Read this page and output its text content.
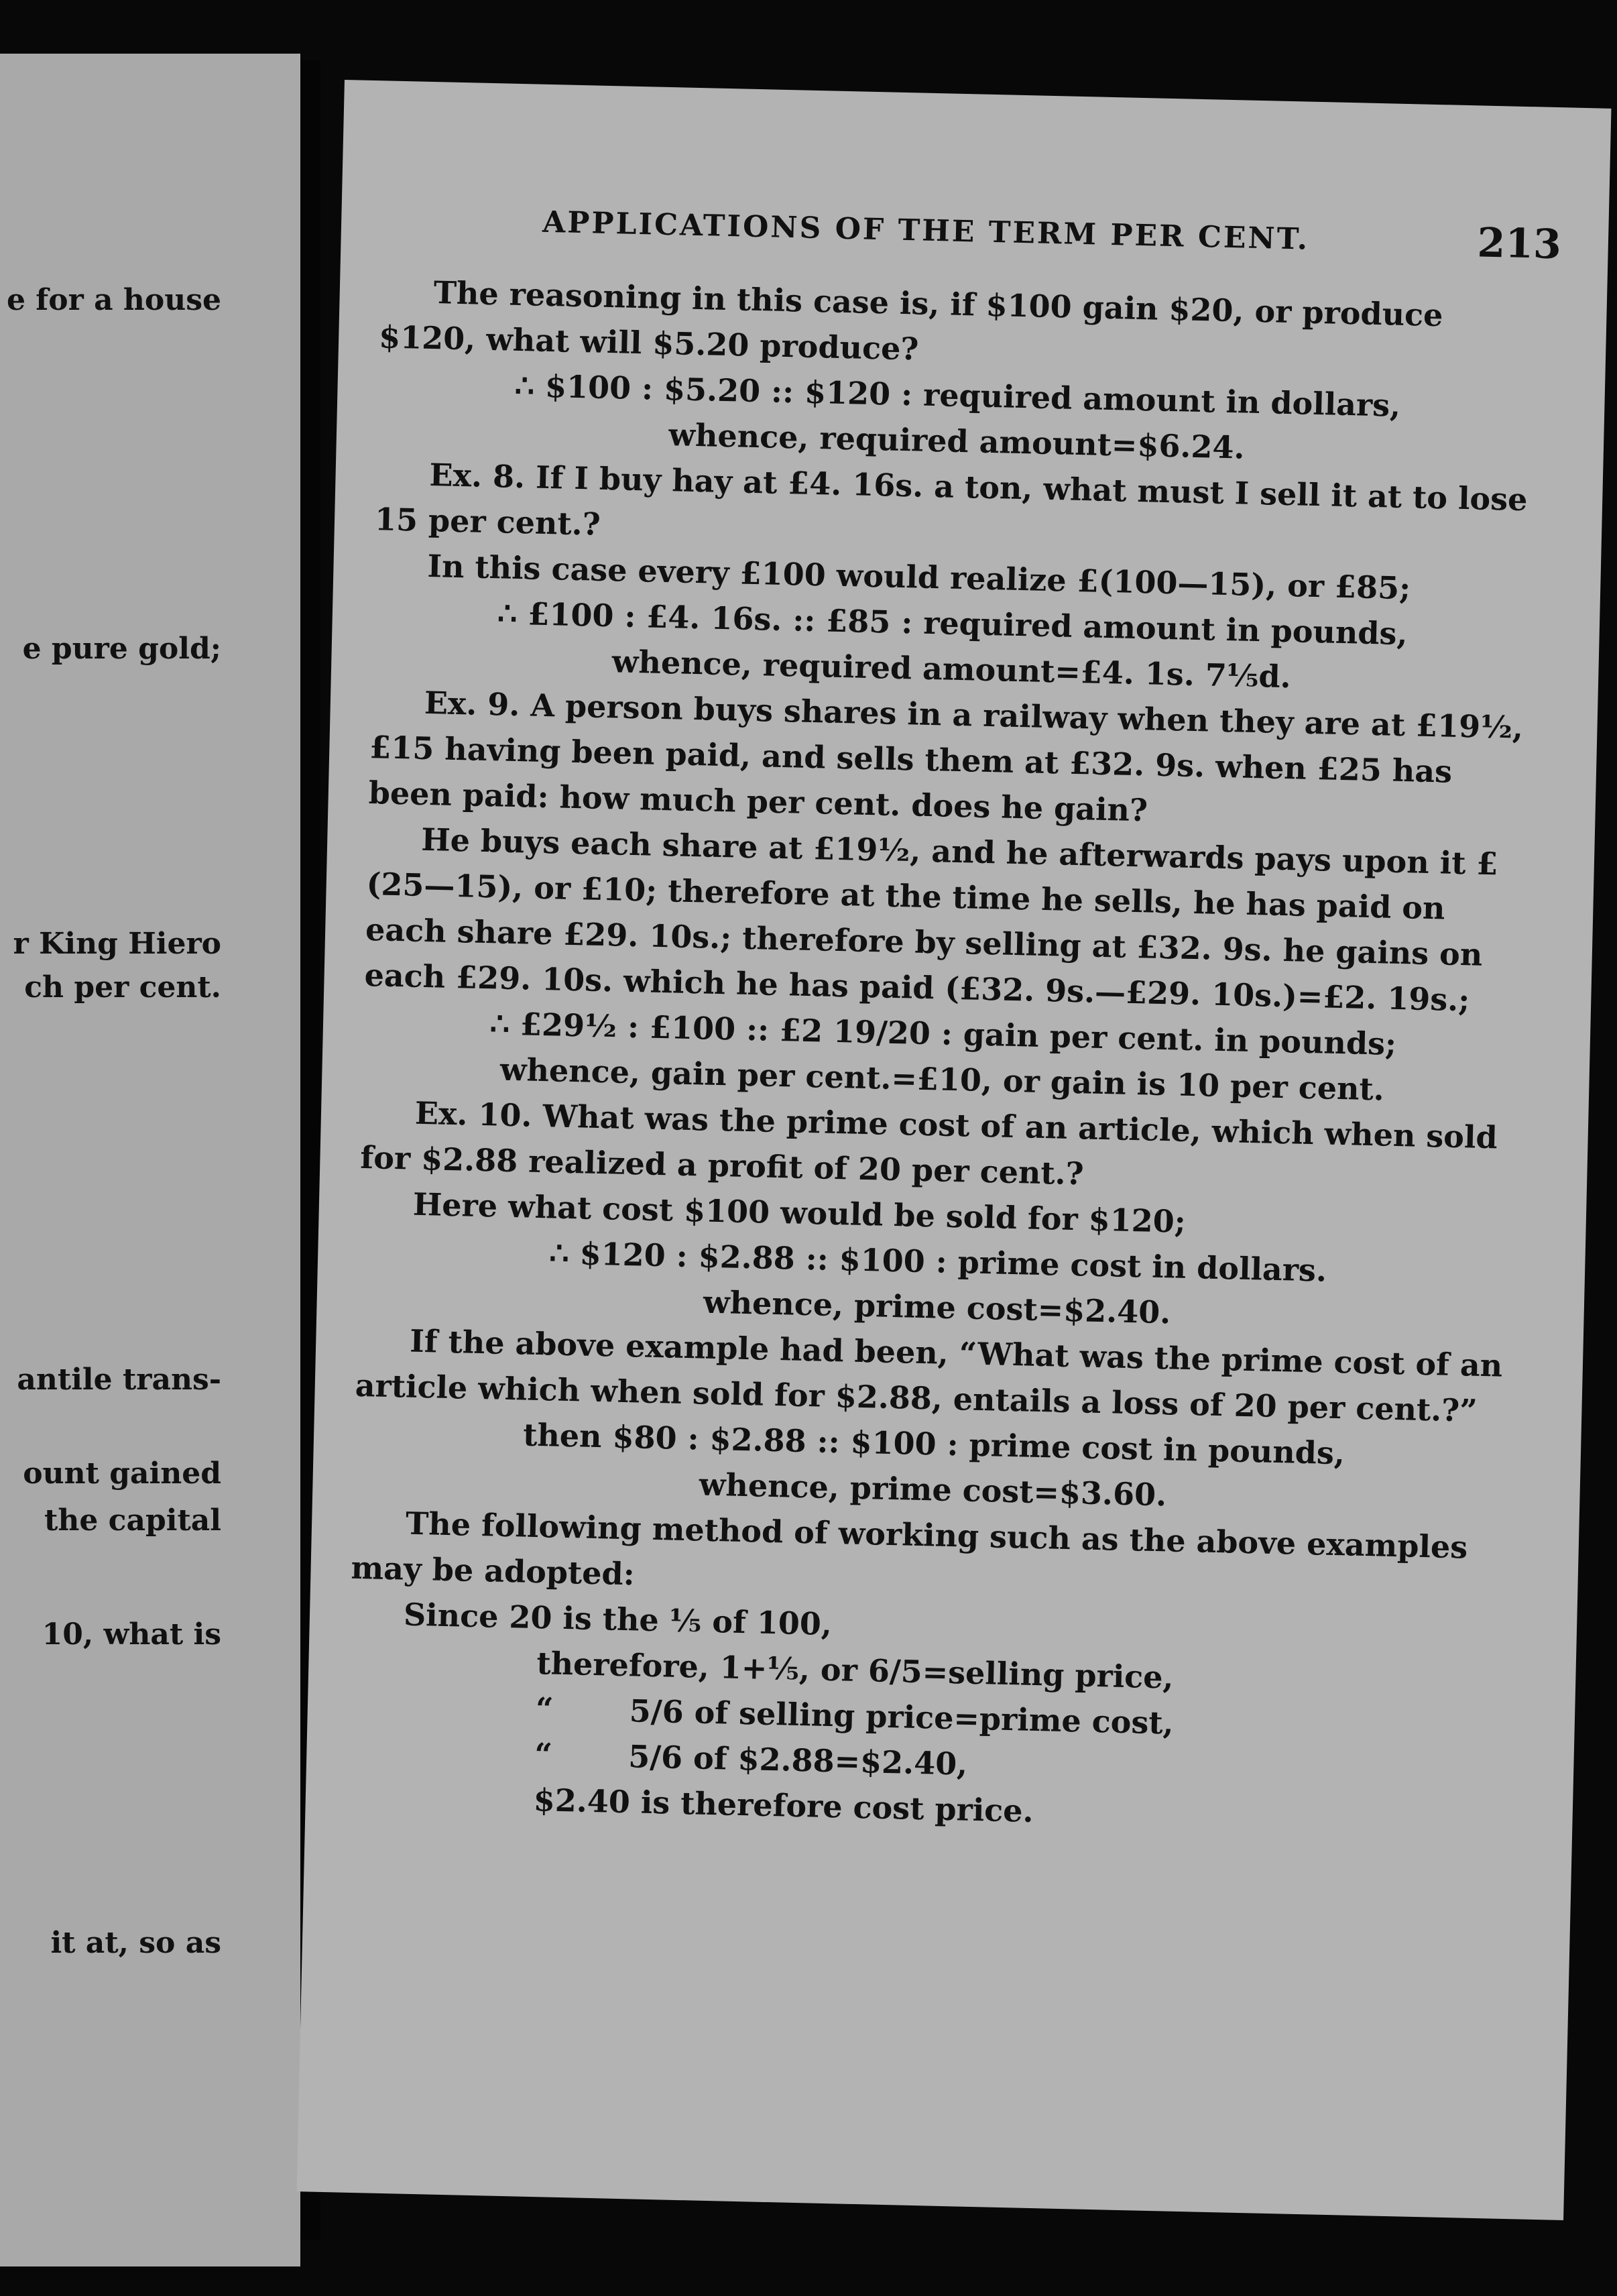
e for a house
e pure gold;
r King Hiero
ch per cent.
antile trans-
ount gained
the capital
10, what is
it at, so as
APPLICATIONS OF THE TERM PER CENT.	213

The reasoning in this case is, if $100 gain $20, or produce $120, what will $5.20 produce?

∴ $100 : $5.20 :: $120 : required amount in dollars,

whence, required amount=$6.24.

Ex. 8. If I buy hay at £4. 16s. a ton, what must I sell it at to lose 15 per cent.?

In this case every £100 would realize £(100—15), or £85;

∴ £100 : £4. 16s. :: £85 : required amount in pounds,

whence, required amount=£4. 1s. 7⅕d.

Ex. 9. A person buys shares in a railway when they are at £19½, £15 having been paid, and sells them at £32. 9s. when £25 has been paid: how much per cent. does he gain?

He buys each share at £19½, and he afterwards pays upon it £(25—15), or £10; therefore at the time he sells, he has paid on each share £29. 10s.; therefore by selling at £32. 9s. he gains on each £29. 10s. which he has paid (£32. 9s.—£29. 10s.)=£2. 19s.;

∴ £29½ : £100 :: £2 19/20 : gain per cent. in pounds;

whence, gain per cent.=£10, or gain is 10 per cent.

Ex. 10. What was the prime cost of an article, which when sold for $2.88 realized a profit of 20 per cent.?

Here what cost $100 would be sold for $120;

∴ $120 : $2.88 :: $100 : prime cost in dollars.

whence, prime cost=$2.40.

If the above example had been, “What was the prime cost of an article which when sold for $2.88, entails a loss of 20 per cent.?”

then $80 : $2.88 :: $100 : prime cost in pounds,

whence, prime cost=$3.60.

The following method of working such as the above examples may be adopted:

Since 20 is the ⅕ of 100,

therefore, 1+⅕, or 6/5=selling price,

“ 5/6 of selling price=prime cost,

“ 5/6 of $2.88=$2.40,

$2.40 is therefore cost price.
